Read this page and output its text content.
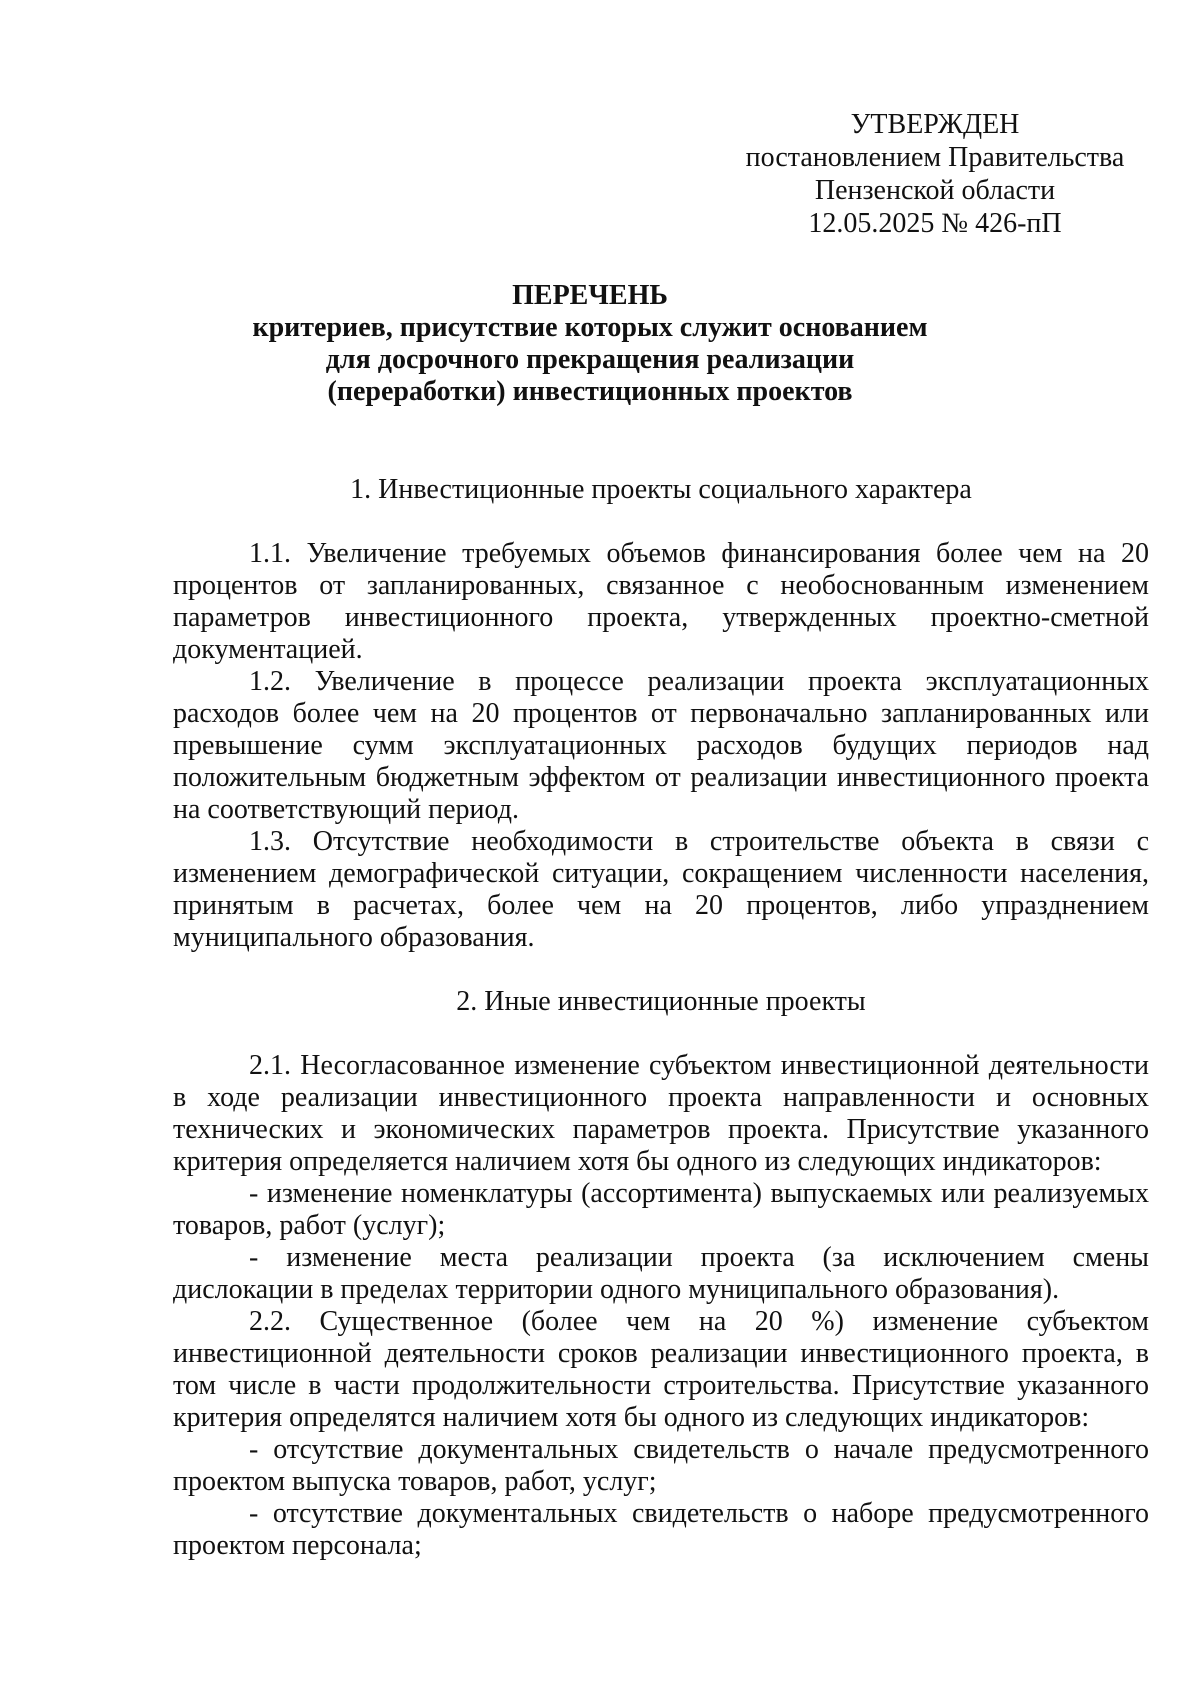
УТВЕРЖДЕН
постановлением Правительства
Пензенской области
12.05.2025 № 426-пП
ПЕРЕЧЕНЬ
критериев, присутствие которых служит основанием
для досрочного прекращения реализации
(переработки) инвестиционных проектов
1. Инвестиционные проекты социального характера
1.1. Увеличение требуемых объемов финансирования более чем на 20 процентов от запланированных, связанное с необоснованным изменением параметров инвестиционного проекта, утвержденных проектно-сметной документацией.
1.2. Увеличение в процессе реализации проекта эксплуатационных расходов более чем на 20 процентов от первоначально запланированных или превышение сумм эксплуатационных расходов будущих периодов над положительным бюджетным эффектом от реализации инвестиционного проекта на соответствующий период.
1.3. Отсутствие необходимости в строительстве объекта в связи с изменением демографической ситуации, сокращением численности населения, принятым в расчетах, более чем на 20 процентов, либо упразднением муниципального образования.
2. Иные инвестиционные проекты
2.1. Несогласованное изменение субъектом инвестиционной деятельности в ходе реализации инвестиционного проекта направленности и основных технических и экономических параметров проекта. Присутствие указанного критерия определяется наличием хотя бы одного из следующих индикаторов:
- изменение номенклатуры (ассортимента) выпускаемых или реализуемых товаров, работ (услуг);
- изменение места реализации проекта (за исключением смены дислокации в пределах территории одного муниципального образования).
2.2. Существенное (более чем на 20 %) изменение субъектом инвестиционной деятельности сроков реализации инвестиционного проекта, в том числе в части продолжительности строительства. Присутствие указанного критерия определятся наличием хотя бы одного из следующих индикаторов:
- отсутствие документальных свидетельств о начале предусмотренного проектом выпуска товаров, работ, услуг;
- отсутствие документальных свидетельств о наборе предусмотренного проектом персонала;
